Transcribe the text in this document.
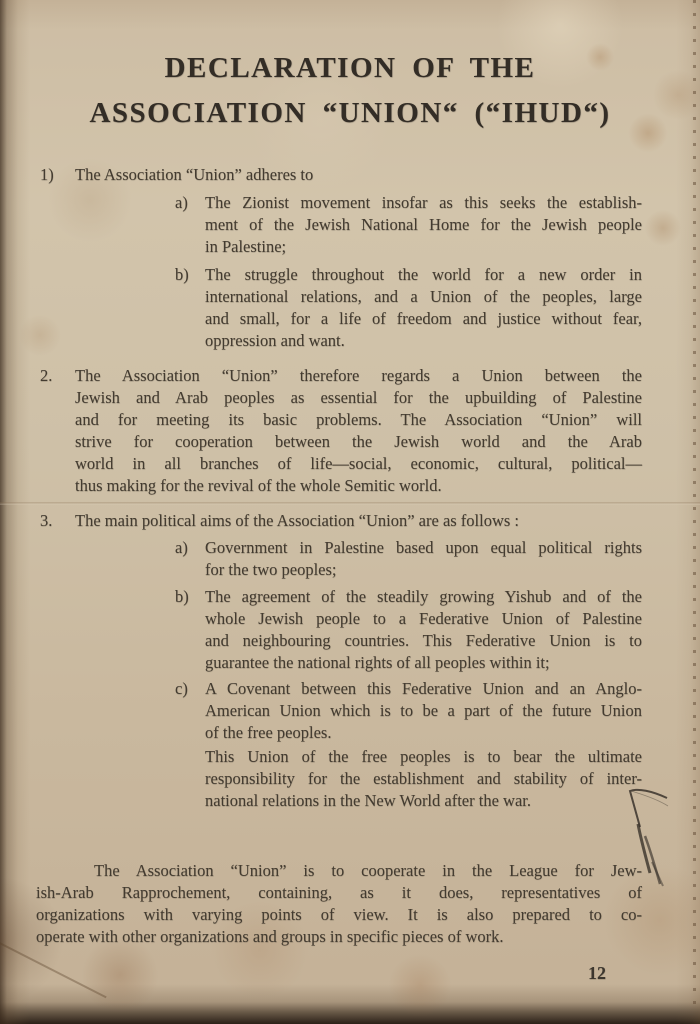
DECLARATION OF THE
ASSOCIATION “UNION“ (“IHUD“)
1)	The Association “Union” adheres to
a)	The Zionist movement insofar as this seeks the establish-
ment of the Jewish National Home for the Jewish people
in Palestine;
b) The struggle throughout the world for a new order in
international relations, and a Union of the peoples, large
and small, for a life of freedom and justice without fear,
oppression and want.
2.	The Association “Union” therefore regards a Union between the
Jewish and Arab peoples as essential for the upbuilding of Palestine
and for meeting its basic problems. The Association “Union” will
strive for cooperation between the Jewish world and the Arab
world in all branches of life—social, economic, cultural, political—
thus making for the revival of the whole Semitic world.
3.	The main political aims of the Association “Union” are as follows :
a)	Government in Palestine based upon equal political rights
for the two peoples;
b) The agreement of the steadily growing Yishub and of the
whole Jewish people to a Federative Union of Palestine
and neighbouring countries. This Federative Union is to
guarantee the national rights of all peoples within it;
c)	A Covenant between this Federative Union and an Anglo-
American Union which is to be a part of the future Union
of the free peoples.
This Union of the free peoples is to bear the ultimate
responsibility for the establishment and stability of inter-
national relations in the New World after the war.
The Association “Union” is to cooperate in the League for Jew-
ish-Arab Rapprochement, containing, as it does, representatives of
organizations with varying points of view. It is also prepared to co-
operate with other organizations and groups in specific pieces of work.
12
